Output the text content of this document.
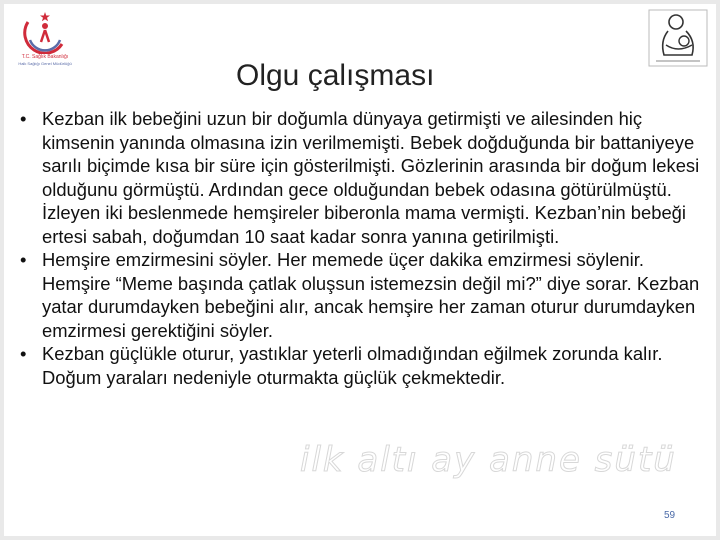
T.C. Sağlık Bakanlığı
Halk Sağlığı Genel Müdürlüğü	Olgu çalışması
• Kezban ilk bebeğini uzun bir doğumla dünyaya getirmişti ve ailesinden hiç kimsenin yanında olmasına izin verilmemişti. Bebek doğduğunda bir battaniyeye sarılı biçimde kısa bir süre için gösterilmişti. Gözlerinin arasında bir doğum lekesi olduğunu görmüştü. Ardından gece olduğundan bebek odasına götürülmüştü. İzleyen iki beslenmede hemşireler biberonla mama vermişti. Kezban’nin bebeği ertesi sabah, doğumdan 10 saat kadar sonra yanına getirilmişti.
• Hemşire emzirmesini söyler. Her memede üçer dakika emzirmesi söylenir. Hemşire “Meme başında çatlak oluşsun istemezsin değil mi?” diye sorar. Kezban yatar durumdayken bebeğini alır, ancak hemşire her zaman oturur durumdayken emzirmesi gerektiğini söyler.
• Kezban güçlükle oturur, yastıklar yeterli olmadığından eğilmek zorunda kalır. Doğum yaraları nedeniyle oturmakta güçlük çekmektedir.
ilk altı ay anne sütü
59
